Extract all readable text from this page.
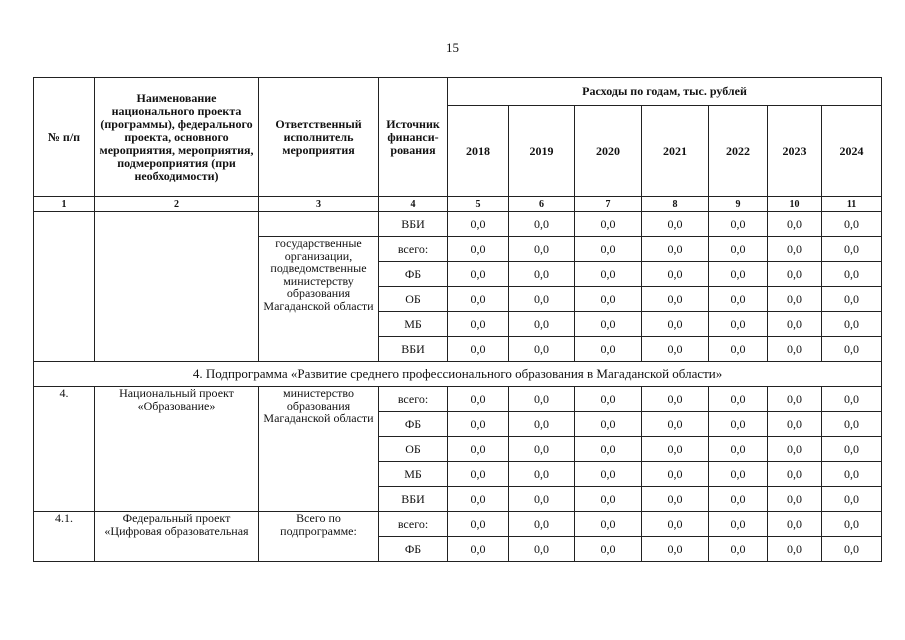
15
№ п/п	Наименование национального проекта (программы), федерального проекта, основного мероприятия, мероприятия, подмероприятия (при необходимости)	Ответственный исполнитель мероприятия	Источник финанси-рования	Расходы по годам, тыс. рублей						
				2018	2019	2020	2021	2022	2023	2024
1	2	3	4	5	6	7	8	9	10	11
			ВБИ	0,0	0,0	0,0	0,0	0,0	0,0	0,0
		государственные организации, подведомственные министерству образования Магаданской области	всего:	0,0	0,0	0,0	0,0	0,0	0,0	0,0
			ФБ	0,0	0,0	0,0	0,0	0,0	0,0	0,0
			ОБ	0,0	0,0	0,0	0,0	0,0	0,0	0,0
			МБ	0,0	0,0	0,0	0,0	0,0	0,0	0,0
			ВБИ	0,0	0,0	0,0	0,0	0,0	0,0	0,0
4. Подпрограмма «Развитие среднего профессионального образования в Магаданской области»										
4.	Национальный проект «Образование»	министерство образования Магаданской области	всего:	0,0	0,0	0,0	0,0	0,0	0,0	0,0
			ФБ	0,0	0,0	0,0	0,0	0,0	0,0	0,0
			ОБ	0,0	0,0	0,0	0,0	0,0	0,0	0,0
			МБ	0,0	0,0	0,0	0,0	0,0	0,0	0,0
			ВБИ	0,0	0,0	0,0	0,0	0,0	0,0	0,0
4.1.	Федеральный проект «Цифровая образовательная	Всего по подпрограмме:	всего:	0,0	0,0	0,0	0,0	0,0	0,0	0,0
			ФБ	0,0	0,0	0,0	0,0	0,0	0,0	0,0
